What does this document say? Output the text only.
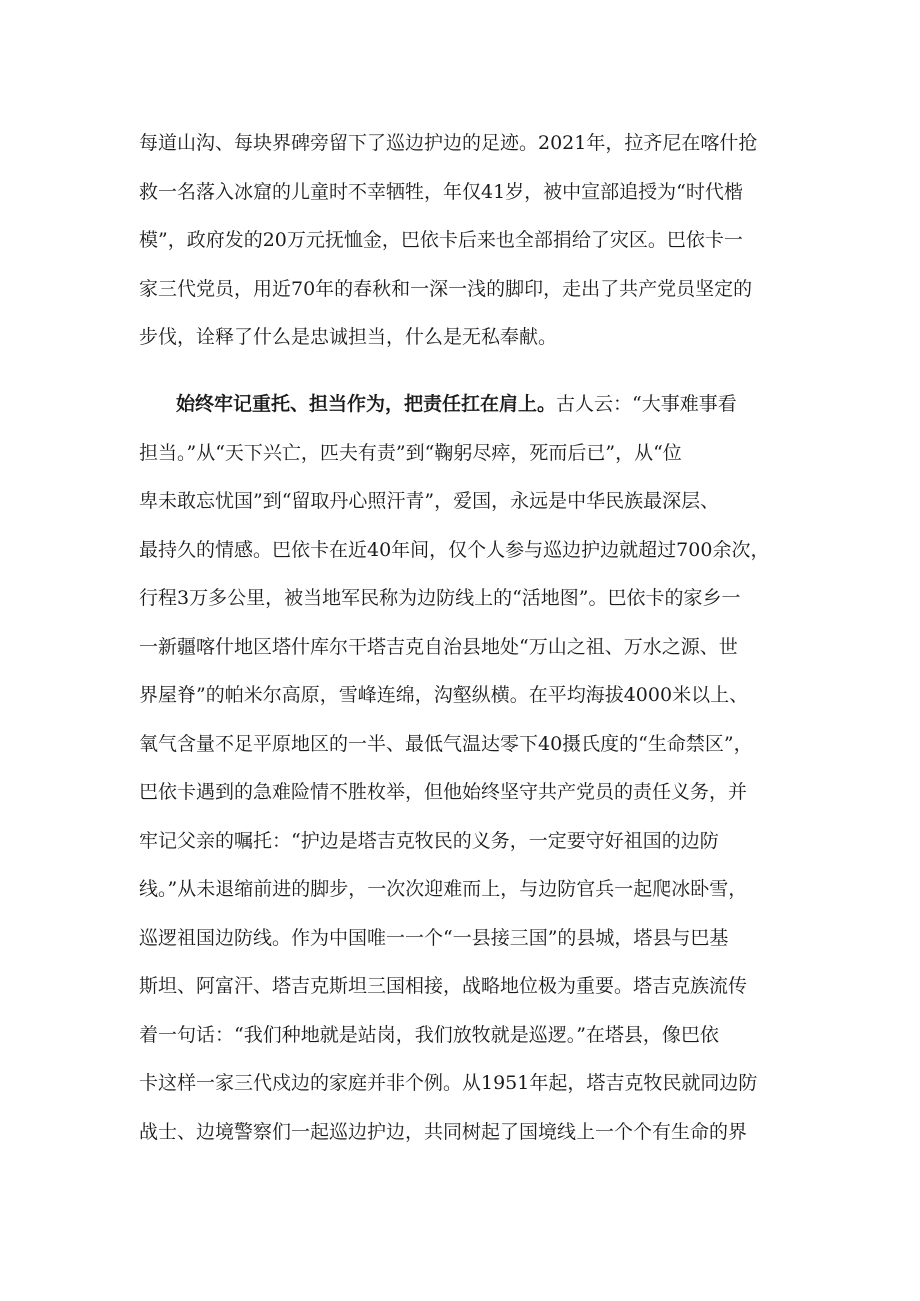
每道山沟、每块界碑旁留下了巡边护边的足迹。2021年，拉齐尼在喀什抢
救一名落入冰窟的儿童时不幸牺牲，年仅41岁，被中宣部追授为“时代楷
模”，政府发的20万元抚恤金，巴依卡后来也全部捐给了灾区。巴依卡一
家三代党员，用近70年的春秋和一深一浅的脚印，走出了共产党员坚定的
步伐，诠释了什么是忠诚担当，什么是无私奉献。
始终牢记重托、担当作为，把责任扛在肩上。古人云：“大事难事看
担当。”从“天下兴亡，匹夫有责”到“鞠躬尽瘁，死而后已”，从“位
卑未敢忘忧国”到“留取丹心照汗青”，爱国，永远是中华民族最深层、
最持久的情感。巴依卡在近40年间，仅个人参与巡边护边就超过700余次，
行程3万多公里，被当地军民称为边防线上的“活地图”。巴依卡的家乡一
一新疆喀什地区塔什库尔干塔吉克自治县地处“万山之祖、万水之源、世
界屋脊”的帕米尔高原，雪峰连绵，沟壑纵横。在平均海拔4000米以上、
氧气含量不足平原地区的一半、最低气温达零下40摄氏度的“生命禁区”，
巴依卡遇到的急难险情不胜枚举，但他始终坚守共产党员的责任义务，并
牢记父亲的嘱托：“护边是塔吉克牧民的义务，一定要守好祖国的边防
线。”从未退缩前进的脚步，一次次迎难而上，与边防官兵一起爬冰卧雪，
巡逻祖国边防线。作为中国唯一一个“一县接三国”的县城，塔县与巴基
斯坦、阿富汗、塔吉克斯坦三国相接，战略地位极为重要。塔吉克族流传
着一句话：“我们种地就是站岗，我们放牧就是巡逻。”在塔县，像巴依
卡这样一家三代戍边的家庭并非个例。从1951年起，塔吉克牧民就同边防
战士、边境警察们一起巡边护边，共同树起了国境线上一个个有生命的界
